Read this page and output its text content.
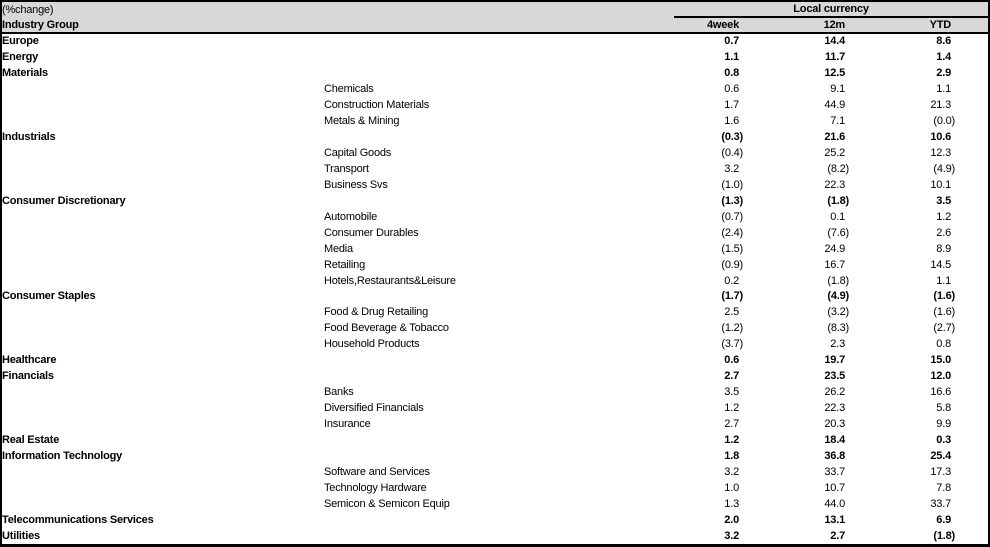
(%change)		Local currency			
Industry Group		4week	12m	YTD	
Europe		0.7	14.4	8.6	
Energy		1.1	11.7	1.4	
Materials		0.8	12.5	2.9	
	Chemicals	0.6	9.1	1.1	
	Construction Materials	1.7	44.9	21.3	
	Metals & Mining	1.6	7.1	(0.0)	
Industrials		(0.3)	21.6	10.6	
	Capital Goods	(0.4)	25.2	12.3	
	Transport	3.2	(8.2)	(4.9)	
	Business Svs	(1.0)	22.3	10.1	
Consumer Discretionary		(1.3)	(1.8)	3.5	
	Automobile	(0.7)	0.1	1.2	
	Consumer Durables	(2.4)	(7.6)	2.6	
	Media	(1.5)	24.9	8.9	
	Retailing	(0.9)	16.7	14.5	
	Hotels,Restaurants&Leisure	0.2	(1.8)	1.1	
Consumer Staples		(1.7)	(4.9)	(1.6)	
	Food & Drug Retailing	2.5	(3.2)	(1.6)	
	Food Beverage & Tobacco	(1.2)	(8.3)	(2.7)	
	Household Products	(3.7)	2.3	0.8	
Healthcare		0.6	19.7	15.0	
Financials		2.7	23.5	12.0	
	Banks	3.5	26.2	16.6	
	Diversified Financials	1.2	22.3	5.8	
	Insurance	2.7	20.3	9.9	
Real Estate		1.2	18.4	0.3	
Information Technology		1.8	36.8	25.4	
	Software and Services	3.2	33.7	17.3	
	Technology Hardware	1.0	10.7	7.8	
	Semicon & Semicon Equip	1.3	44.0	33.7	
Telecommunications Services		2.0	13.1	6.9	
Utilities		3.2	2.7	(1.8)	
